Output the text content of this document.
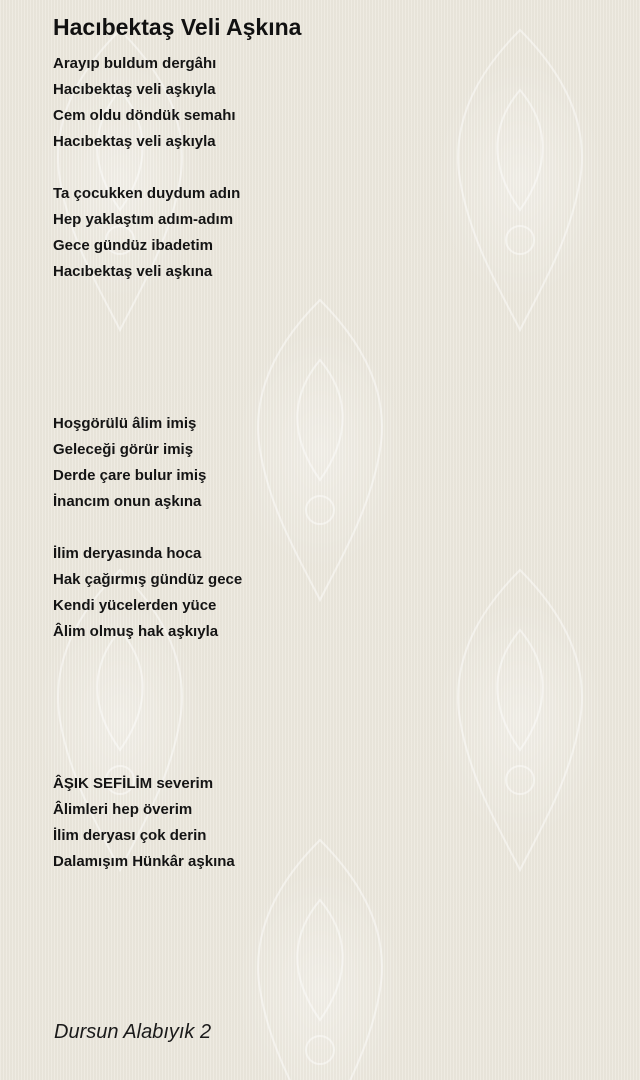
Hacıbektaş Veli Aşkına
Arayıp buldum dergâhı
Hacıbektaş veli aşkıyla
Cem oldu döndük semahı
Hacıbektaş veli aşkıyla
Ta çocukken duydum adın
Hep yaklaştım adım-adım
Gece gündüz ibadetim
Hacıbektaş veli aşkına
Hoşgörülü âlim imiş
Geleceği görür imiş
Derde çare bulur imiş
İnancım onun aşkına
İlim deryasında hoca
Hak çağırmış gündüz gece
Kendi yücelerden yüce
Âlim olmuş hak aşkıyla
ÂŞIK SEFİLİM severim
Âlimleri hep överim
İlim deryası çok derin
Dalamışım Hünkâr aşkına

Dursun Alabıyık 2
